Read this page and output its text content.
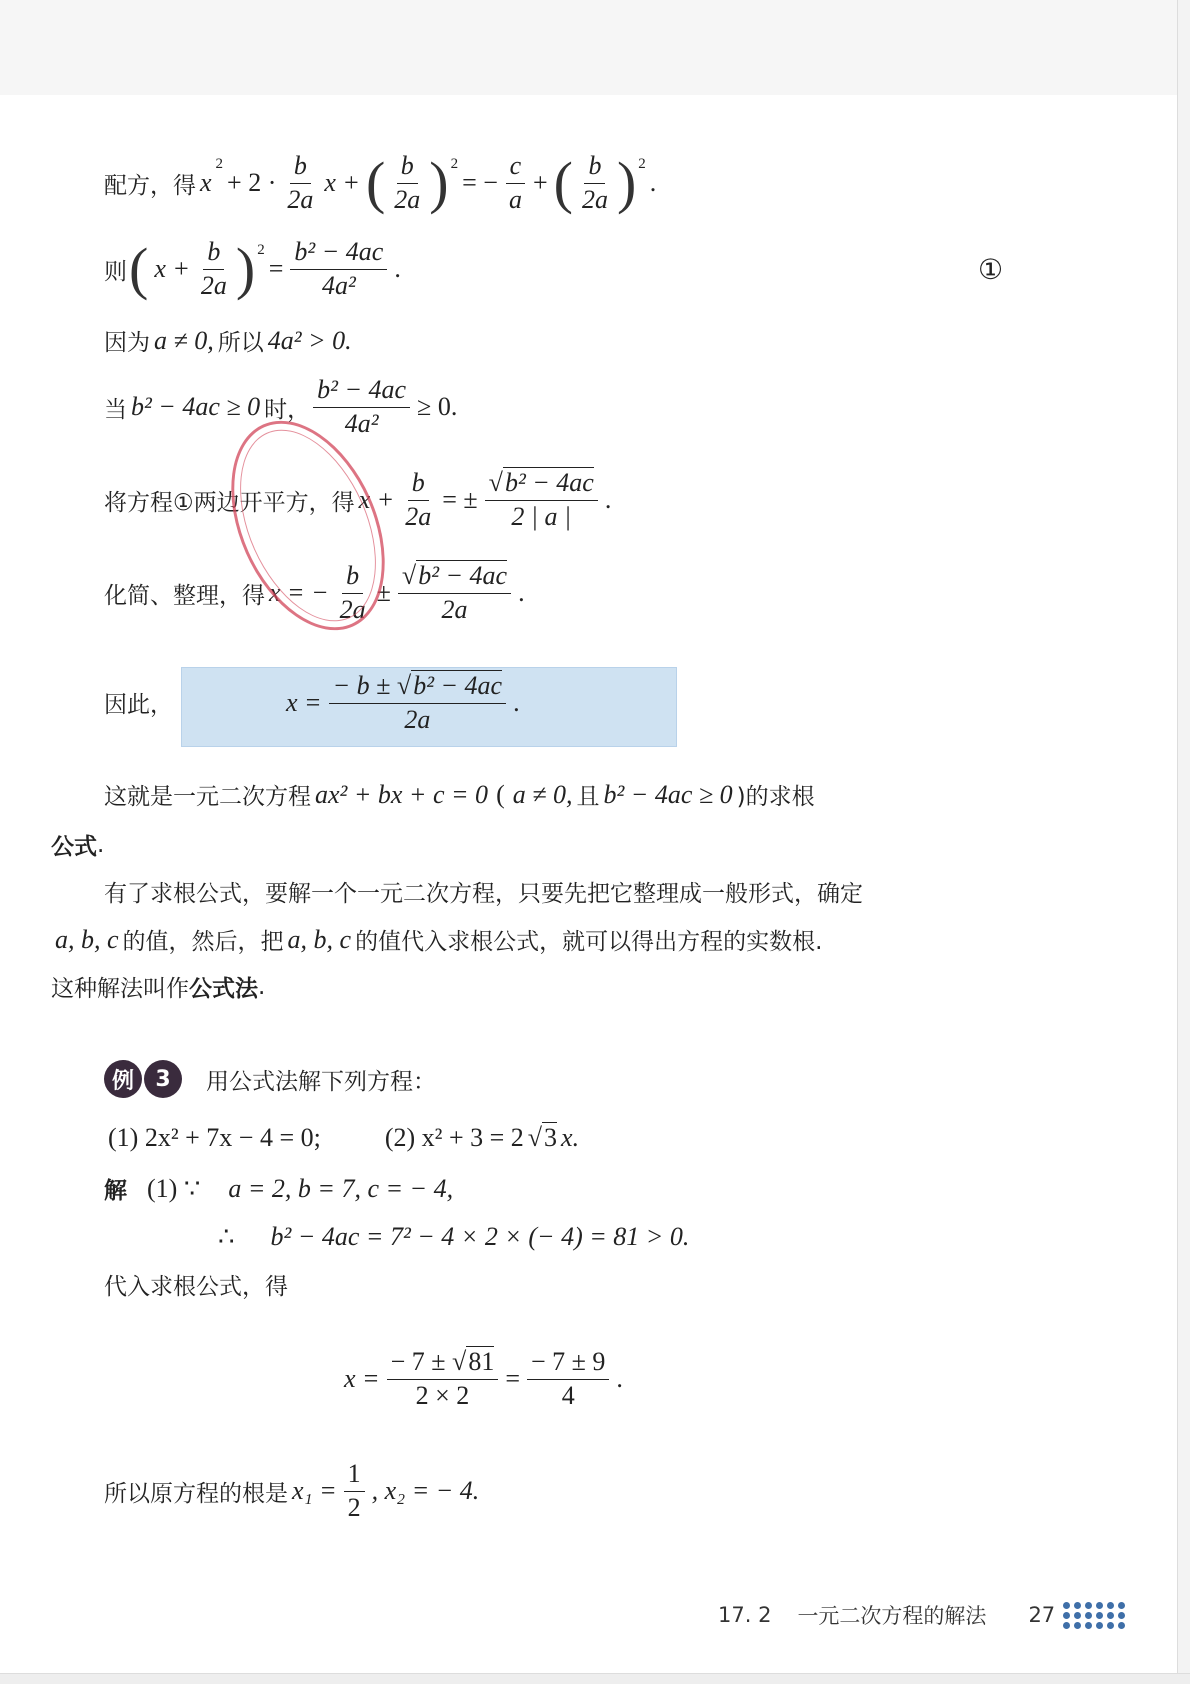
配方，得 x
2
+ $2 \cdot \frac{b}{2a}$ x + ( $\frac{b}{2a}$ ) 2
= − $\frac{c}{a}$ + ( $\frac{b}{2a}$ ) 2
.
则 ( $x + \frac{b}{2a}$ ) 2
= $\frac{\text{b² − 4ac}}{\text{4a²}}$ .	①
因为 a ≠ 0, 所以 4a² > 0.
当 b² − 4ac ≥ 0 时， $\frac{\text{b² − 4ac}}{\text{4a²}} \ge 0$.
将方程①两边开平方，得 $x + \frac{b}{2a}$ = ± $\frac{\text{√b² − 4ac}}{2 | a |}$ .
化简、整理，得 x = − $\frac{b}{2a} \pm \frac{\text{√b² − 4ac}}{2a}$ .
因此，	$x = \frac{\text{− b ± √b² − 4ac}}{2a}$ .
这就是一元二次方程 ax² + bx + c = 0 ( a ≠ 0, 且 b² − 4ac ≥ 0 )的求根
公式 .
有了求根公式，要解一个一元二次方程，只要先把它整理成一般形式，确定
a, b, c 的值，然后，把 a, b, c 的值代入求根公式，就可以得出方程的实数根.
这种解法叫作 公式法 .
例 3	用公式法解下列方程：
(1) 2x² + 7x − 4 = 0; (2) x² + 3 = 2 √ 3 x.
解 (1) ∵ a = 2, b = 7, c = − 4,
∴ b² − 4ac = 7² − 4 × 2 × (− 4) = 81 > 0.
代入求根公式，得
$x = \frac{- 7 \pm √81}{2 \times 2} = \frac{- 7 \pm 9}{4}$ .
所以原方程的根是 $x_1 = \frac{1}{2}$ , x₂ = − 4.
17. 2 一元二次方程的解法 27
